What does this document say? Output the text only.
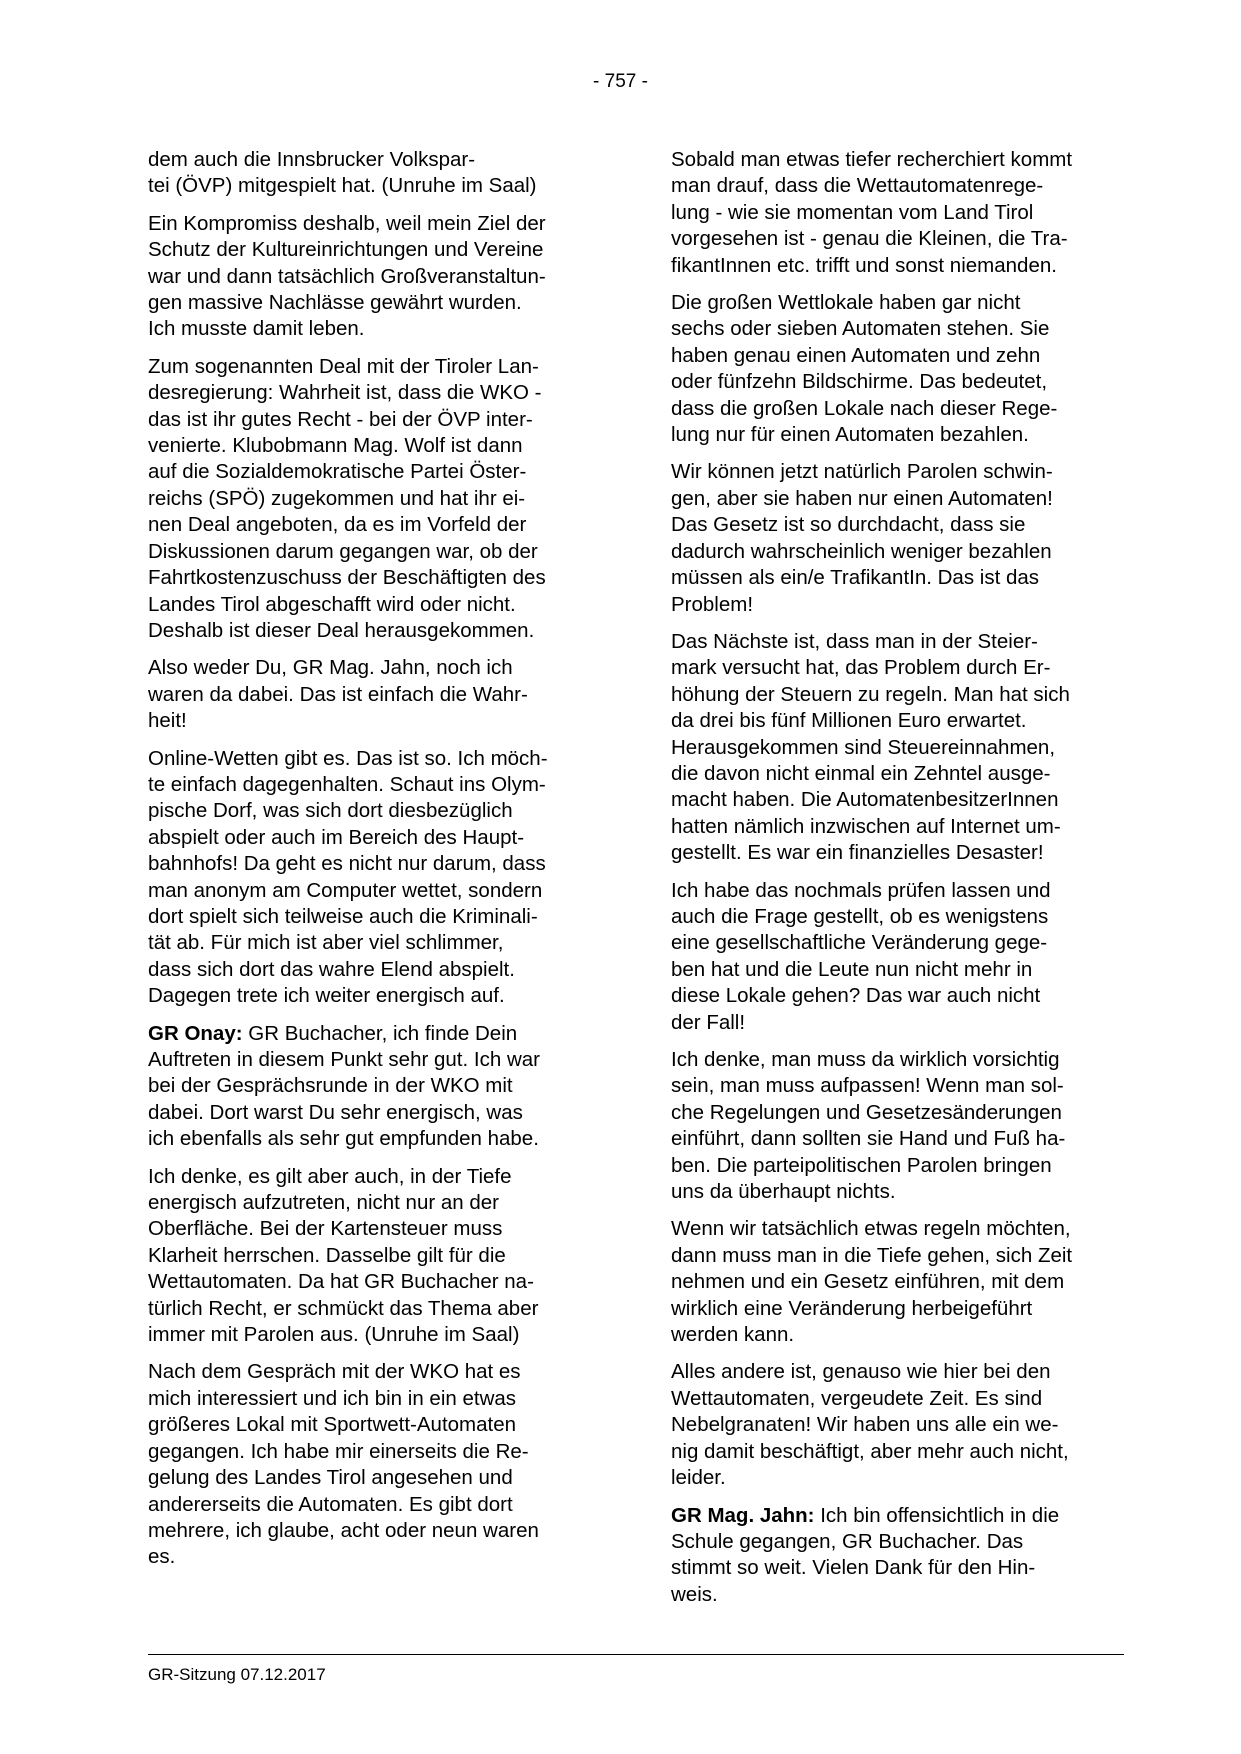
- 757 -
dem auch die Innsbrucker Volkspar-
tei (ÖVP) mitgespielt hat. (Unruhe im Saal)
Ein Kompromiss deshalb, weil mein Ziel der
Schutz der Kultureinrichtungen und Vereine
war und dann tatsächlich Großveranstaltun-
gen massive Nachlässe gewährt wurden.
Ich musste damit leben.
Zum sogenannten Deal mit der Tiroler Lan-
desregierung: Wahrheit ist, dass die WKO -
das ist ihr gutes Recht - bei der ÖVP inter-
venierte. Klubobmann Mag. Wolf ist dann
auf die Sozialdemokratische Partei Öster-
reichs (SPÖ) zugekommen und hat ihr ei-
nen Deal angeboten, da es im Vorfeld der
Diskussionen darum gegangen war, ob der
Fahrtkostenzuschuss der Beschäftigten des
Landes Tirol abgeschafft wird oder nicht.
Deshalb ist dieser Deal herausgekommen.
Also weder Du, GR Mag. Jahn, noch ich
waren da dabei. Das ist einfach die Wahr-
heit!
Online-Wetten gibt es. Das ist so. Ich möch-
te einfach dagegenhalten. Schaut ins Olym-
pische Dorf, was sich dort diesbezüglich
abspielt oder auch im Bereich des Haupt-
bahnhofs! Da geht es nicht nur darum, dass
man anonym am Computer wettet, sondern
dort spielt sich teilweise auch die Kriminali-
tät ab. Für mich ist aber viel schlimmer,
dass sich dort das wahre Elend abspielt.
Dagegen trete ich weiter energisch auf.
GR Onay: GR Buchacher, ich finde Dein
Auftreten in diesem Punkt sehr gut. Ich war
bei der Gesprächsrunde in der WKO mit
dabei. Dort warst Du sehr energisch, was
ich ebenfalls als sehr gut empfunden habe.
Ich denke, es gilt aber auch, in der Tiefe
energisch aufzutreten, nicht nur an der
Oberfläche. Bei der Kartensteuer muss
Klarheit herrschen. Dasselbe gilt für die
Wettautomaten. Da hat GR Buchacher na-
türlich Recht, er schmückt das Thema aber
immer mit Parolen aus. (Unruhe im Saal)
Nach dem Gespräch mit der WKO hat es
mich interessiert und ich bin in ein etwas
größeres Lokal mit Sportwett-Automaten
gegangen. Ich habe mir einerseits die Re-
gelung des Landes Tirol angesehen und
andererseits die Automaten. Es gibt dort
mehrere, ich glaube, acht oder neun waren
es.
Sobald man etwas tiefer recherchiert kommt
man drauf, dass die Wettautomatenrege-
lung - wie sie momentan vom Land Tirol
vorgesehen ist - genau die Kleinen, die Tra-
fikantInnen etc. trifft und sonst niemanden.
Die großen Wettlokale haben gar nicht
sechs oder sieben Automaten stehen. Sie
haben genau einen Automaten und zehn
oder fünfzehn Bildschirme. Das bedeutet,
dass die großen Lokale nach dieser Rege-
lung nur für einen Automaten bezahlen.
Wir können jetzt natürlich Parolen schwin-
gen, aber sie haben nur einen Automaten!
Das Gesetz ist so durchdacht, dass sie
dadurch wahrscheinlich weniger bezahlen
müssen als ein/e TrafikantIn. Das ist das
Problem!
Das Nächste ist, dass man in der Steier-
mark versucht hat, das Problem durch Er-
höhung der Steuern zu regeln. Man hat sich
da drei bis fünf Millionen Euro erwartet.
Herausgekommen sind Steuereinnahmen,
die davon nicht einmal ein Zehntel ausge-
macht haben. Die AutomatenbesitzerInnen
hatten nämlich inzwischen auf Internet um-
gestellt. Es war ein finanzielles Desaster!
Ich habe das nochmals prüfen lassen und
auch die Frage gestellt, ob es wenigstens
eine gesellschaftliche Veränderung gege-
ben hat und die Leute nun nicht mehr in
diese Lokale gehen? Das war auch nicht
der Fall!
Ich denke, man muss da wirklich vorsichtig
sein, man muss aufpassen! Wenn man sol-
che Regelungen und Gesetzesänderungen
einführt, dann sollten sie Hand und Fuß ha-
ben. Die parteipolitischen Parolen bringen
uns da überhaupt nichts.
Wenn wir tatsächlich etwas regeln möchten,
dann muss man in die Tiefe gehen, sich Zeit
nehmen und ein Gesetz einführen, mit dem
wirklich eine Veränderung herbeigeführt
werden kann.
Alles andere ist, genauso wie hier bei den
Wettautomaten, vergeudete Zeit. Es sind
Nebelgranaten! Wir haben uns alle ein we-
nig damit beschäftigt, aber mehr auch nicht,
leider.
GR Mag. Jahn: Ich bin offensichtlich in die
Schule gegangen, GR Buchacher. Das
stimmt so weit. Vielen Dank für den Hin-
weis.
GR-Sitzung 07.12.2017
